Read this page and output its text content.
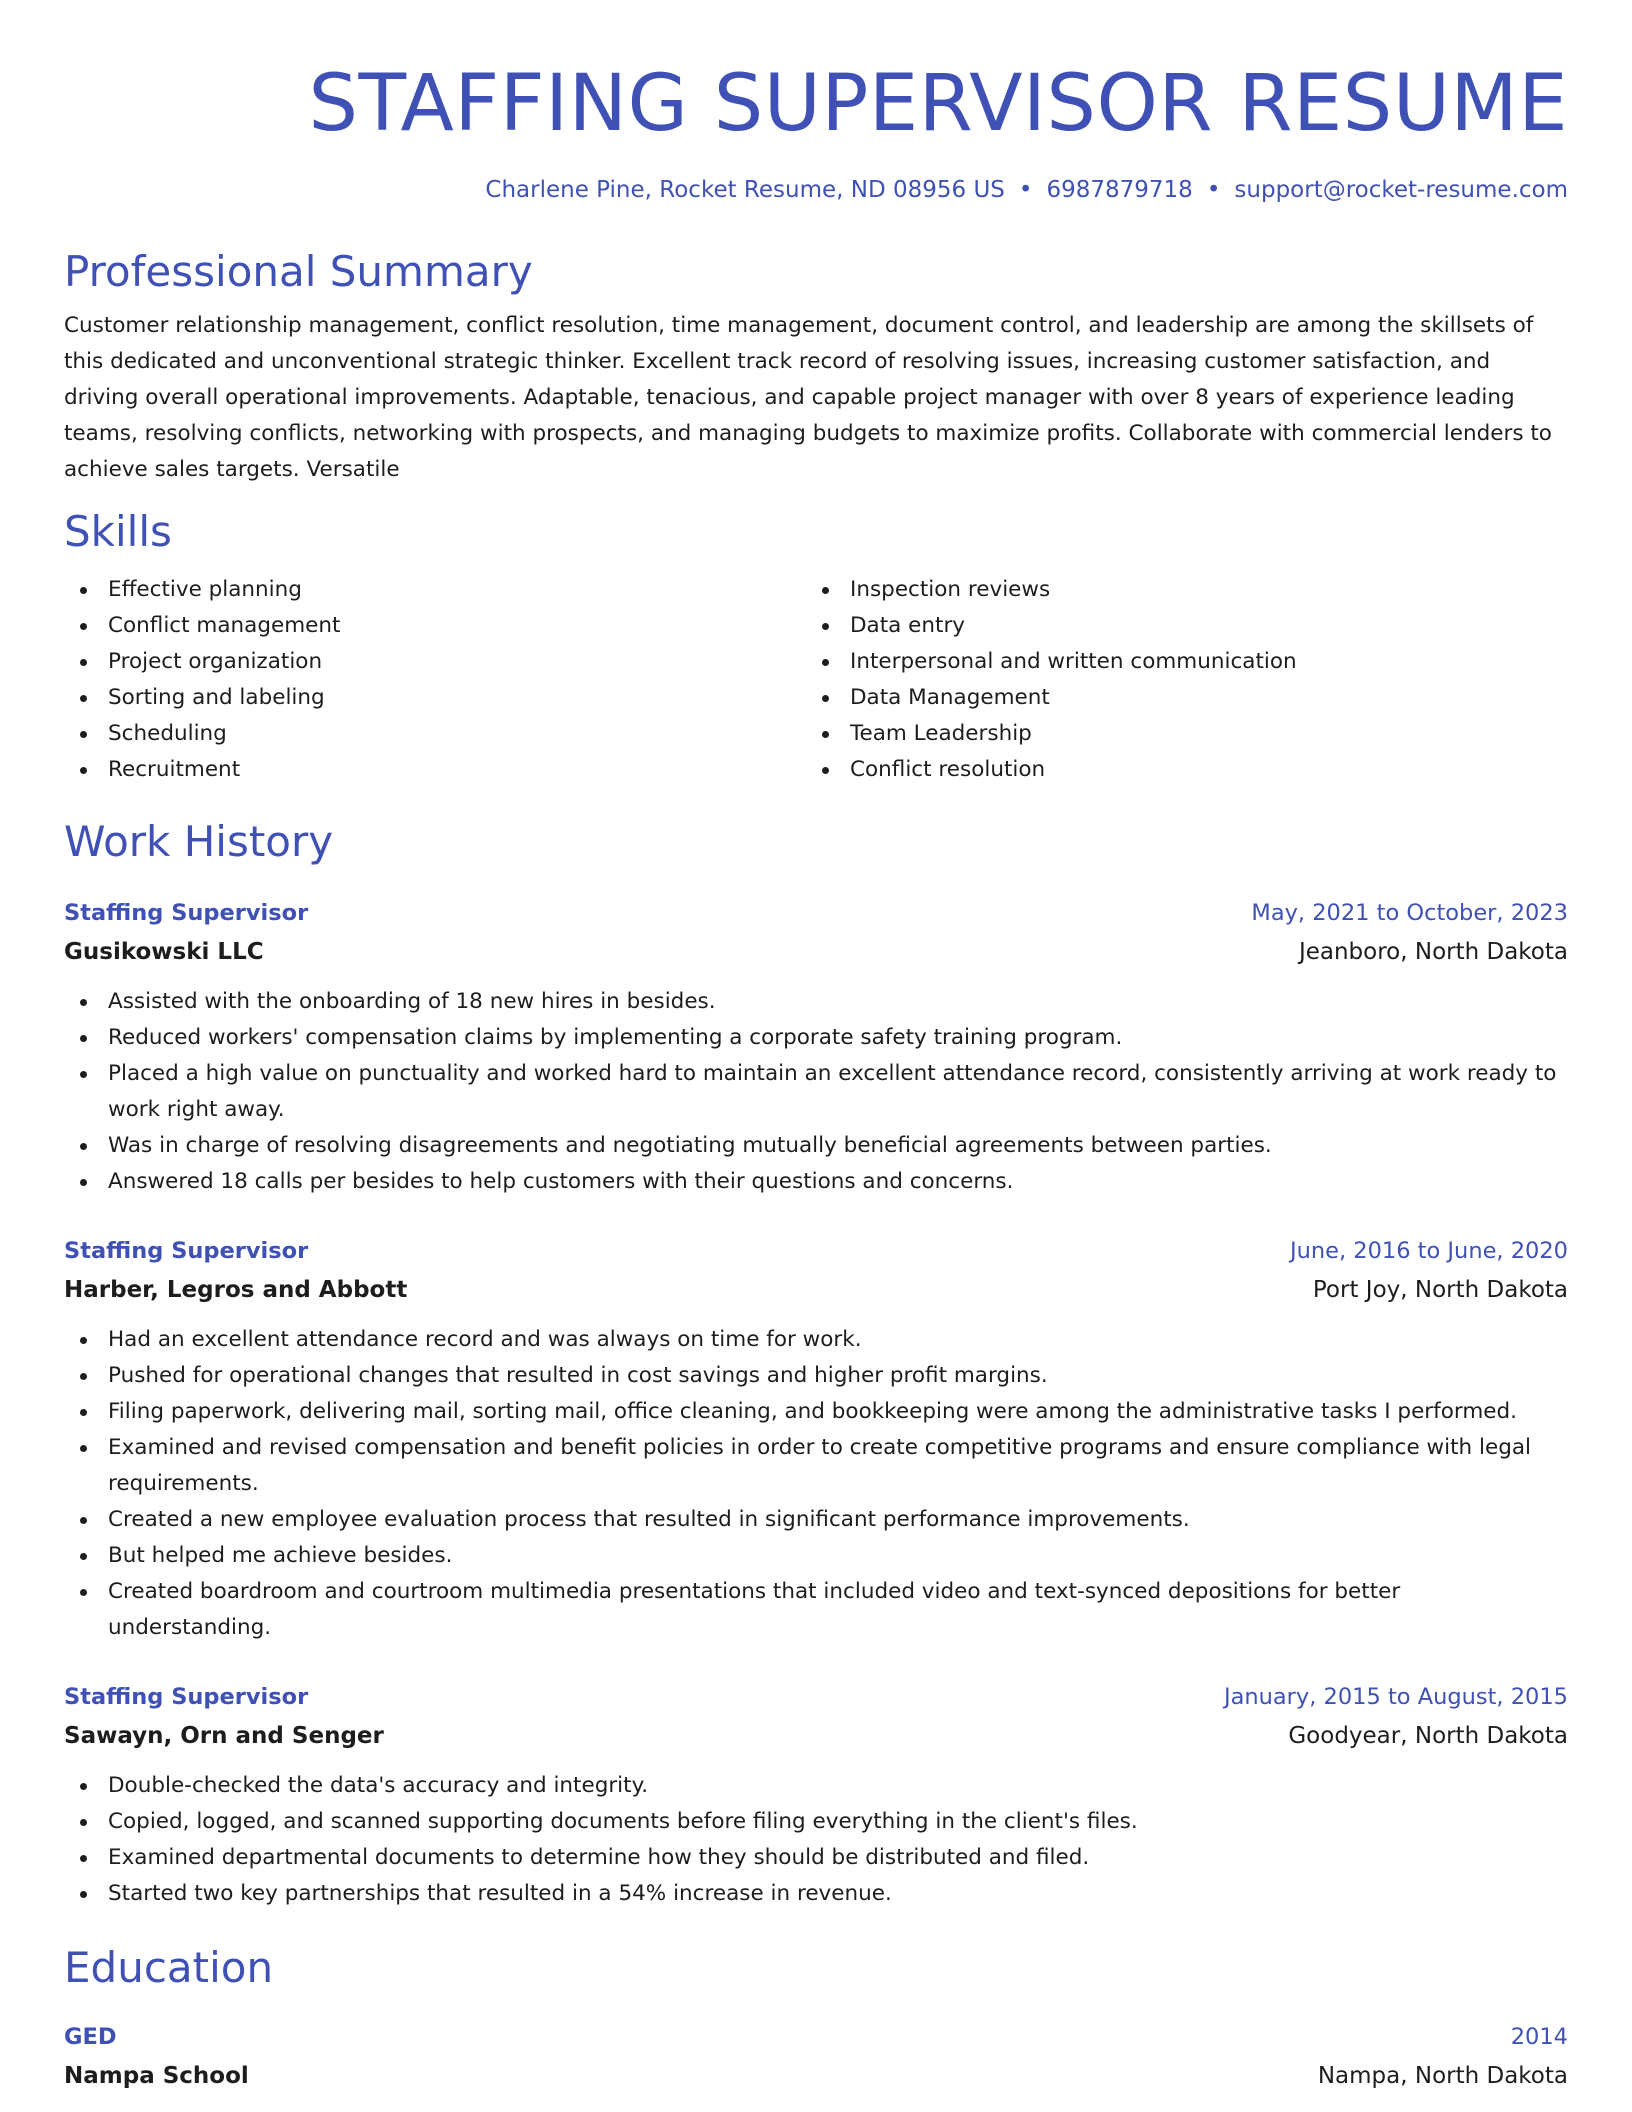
STAFFING SUPERVISOR RESUME
Charlene Pine, Rocket Resume, ND 08956 US • 6987879718 • support@rocket-resume.com
Professional Summary

Customer relationship management, conflict resolution, time management, document control, and leadership are among the skillsets of this dedicated and unconventional strategic thinker. Excellent track record of resolving issues, increasing customer satisfaction, and driving overall operational improvements. Adaptable, tenacious, and capable project manager with over 8 years of experience leading teams, resolving conflicts, networking with prospects, and managing budgets to maximize profits. Collaborate with commercial lenders to achieve sales targets. Versatile

Skills
Effective planning
Conflict management
Project organization
Sorting and labeling
Scheduling
Recruitment
Inspection reviews
Data entry
Interpersonal and written communication
Data Management
Team Leadership
Conflict resolution
Work History
Staffing Supervisor	May, 2021 to October, 2023
Gusikowski LLC	Jeanboro, North Dakota
Assisted with the onboarding of 18 new hires in besides.
Reduced workers' compensation claims by implementing a corporate safety training program.
Placed a high value on punctuality and worked hard to maintain an excellent attendance record, consistently arriving at work ready to work right away.
Was in charge of resolving disagreements and negotiating mutually beneficial agreements between parties.
Answered 18 calls per besides to help customers with their questions and concerns.
Staffing Supervisor	June, 2016 to June, 2020
Harber, Legros and Abbott	Port Joy, North Dakota
Had an excellent attendance record and was always on time for work.
Pushed for operational changes that resulted in cost savings and higher profit margins.
Filing paperwork, delivering mail, sorting mail, office cleaning, and bookkeeping were among the administrative tasks I performed.
Examined and revised compensation and benefit policies in order to create competitive programs and ensure compliance with legal requirements.
Created a new employee evaluation process that resulted in significant performance improvements.
But helped me achieve besides.
Created boardroom and courtroom multimedia presentations that included video and text-synced depositions for better understanding.
Staffing Supervisor	January, 2015 to August, 2015
Sawayn, Orn and Senger	Goodyear, North Dakota
Double-checked the data's accuracy and integrity.
Copied, logged, and scanned supporting documents before filing everything in the client's files.
Examined departmental documents to determine how they should be distributed and filed.
Started two key partnerships that resulted in a 54% increase in revenue.
Education
GED	2014
Nampa School	Nampa, North Dakota
